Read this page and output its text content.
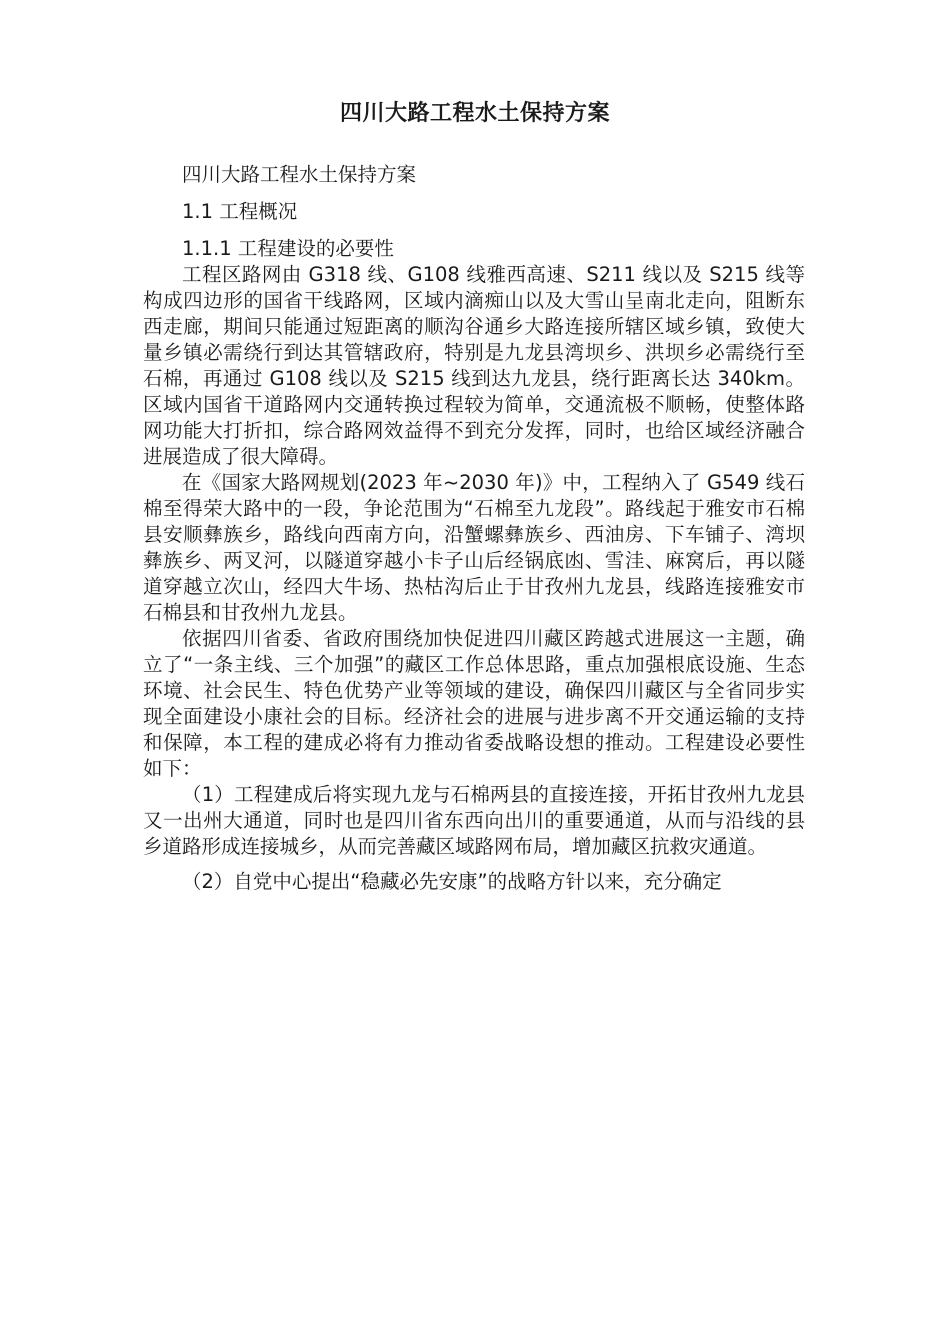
四川大路工程水土保持方案

四川大路工程水土保持方案

1.1 工程概况

1.1.1 工程建设的必要性

工程区路网由 G318 线、G108 线雅西高速、S211 线以及 S215 线等构成四边形的国省干线路网，区域内滴痴山以及大雪山呈南北走向，阻断东西走廊，期间只能通过短距离的顺沟谷通乡大路连接所辖区域乡镇，致使大量乡镇必需绕行到达其管辖政府，特别是九龙县湾坝乡、洪坝乡必需绕行至石棉，再通过 G108 线以及 S215 线到达九龙县，绕行距离长达 340km。区域内国省干道路网内交通转换过程较为简单，交通流极不顺畅，使整体路网功能大打折扣，综合路网效益得不到充分发挥，同时，也给区域经济融合进展造成了很大障碍。

在《国家大路网规划(2023 年~2030 年)》中，工程纳入了 G549 线石棉至得荣大路中的一段，争论范围为“石棉至九龙段”。路线起于雅安市石棉县安顺彝族乡，路线向西南方向，沿蟹螺彝族乡、西油房、下车铺子、湾坝彝族乡、两叉河，以隧道穿越小卡子山后经锅底凼、雪洼、麻窝后，再以隧道穿越立次山，经四大牛场、热枯沟后止于甘孜州九龙县，线路连接雅安市石棉县和甘孜州九龙县。

依据四川省委、省政府围绕加快促进四川藏区跨越式进展这一主题，确立了“一条主线、三个加强”的藏区工作总体思路，重点加强根底设施、生态环境、社会民生、特色优势产业等领域的建设，确保四川藏区与全省同步实现全面建设小康社会的目标。经济社会的进展与进步离不开交通运输的支持和保障，本工程的建成必将有力推动省委战略设想的推动。工程建设必要性如下：

（1）工程建成后将实现九龙与石棉两县的直接连接，开拓甘孜州九龙县又一出州大通道，同时也是四川省东西向出川的重要通道，从而与沿线的县乡道路形成连接城乡，从而完善藏区域路网布局，增加藏区抗救灾通道。

（2）自党中心提出“稳藏必先安康”的战略方针以来，充分确定
